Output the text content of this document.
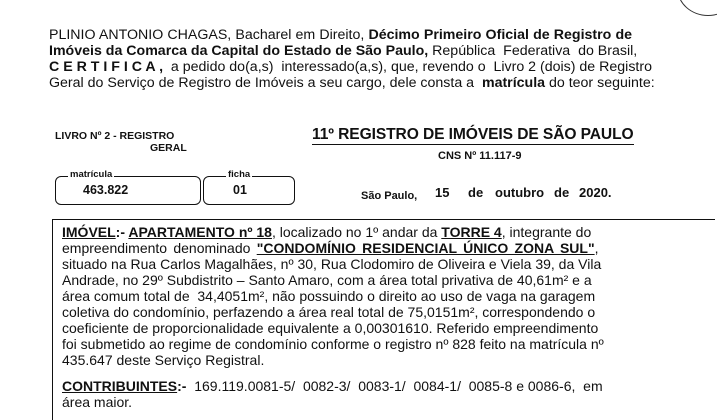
PLINIO ANTONIO CHAGAS, Bacharel em Direito, Décimo Primeiro Oficial de Registro de
Imóveis da Comarca da Capital do Estado de São Paulo, República  Federativa  do Brasil,
C E R T I F I C A ,  a pedido do(a,s)  interessado(a,s), que, revendo o  Livro 2 (dois) de Registro
Geral do Serviço de Registro de Imóveis a seu cargo, dele consta a  matrícula do teor seguinte:
LIVRO Nº 2 - REGISTRO
GERAL
11º REGISTRO DE IMÓVEIS DE SÃO PAULO
CNS Nº 11.117-9
matrícula
463.822
ficha
01	São Paulo, 15 de outubro de 2020.
IMÓVEL:- APARTAMENTO nº 18, localizado no 1º andar da TORRE 4, integrante do
empreendimento denominado "CONDOMÍNIO RESIDENCIAL ÚNICO ZONA SUL",
situado na Rua Carlos Magalhães, nº 30, Rua Clodomiro de Oliveira e Viela 39, da Vila
Andrade, no 29º Subdistrito – Santo Amaro, com a área total privativa de 40,61m² e a
área comum total de  34,4051m², não possuindo o direito ao uso de vaga na garagem
coletiva do condomínio, perfazendo a área real total de 75,0151m², correspondendo o
coeficiente de proporcionalidade equivalente a 0,00301610. Referido empreendimento
foi submetido ao regime de condomínio conforme o registro nº 828 feito na matrícula nº
435.647 deste Serviço Registral.
CONTRIBUINTES:-  169.119.0081-5/  0082-3/  0083-1/  0084-1/  0085-8 e 0086-6,  em
área maior.
